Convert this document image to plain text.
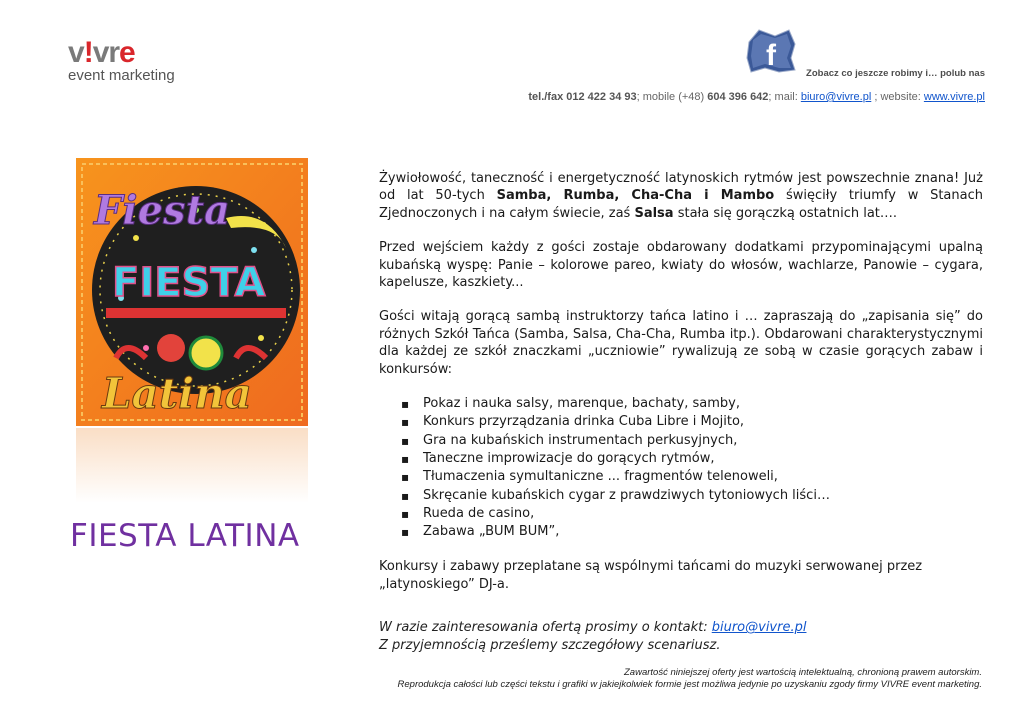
v!vre
event marketing
f
Zobacz co jeszcze robimy i… polub nas
tel./fax 012 422 34 93; mobile (+48) 604 396 642; mail: biuro@vivre.pl ; website: www.vivre.pl
Fiesta
FIESTA
Latina
FIESTA LATINA

Żywiołowość, taneczność i energetyczność latynoskich rytmów jest powszechnie znana! Już od lat 50-tych Samba, Rumba, Cha-Cha i Mambo święciły triumfy w Stanach Zjednoczonych i na całym świecie, zaś Salsa stała się gorączką ostatnich lat….

Przed wejściem każdy z gości zostaje obdarowany dodatkami przypominającymi upalną kubańską wyspę: Panie – kolorowe pareo, kwiaty do włosów, wachlarze, Panowie – cygara, kapelusze, kaszkiety...

Gości witają gorącą sambą instruktorzy tańca latino i … zapraszają do „zapisania się” do różnych Szkół Tańca (Samba, Salsa, Cha-Cha, Rumba itp.). Obdarowani charakterystycznymi dla każdej ze szkół znaczkami „uczniowie” rywalizują ze sobą w czasie gorących zabaw i konkursów:

▪ Pokaz i nauka salsy, marenque, bachaty, samby,
▪ Konkurs przyrządzania drinka Cuba Libre i Mojito,
▪ Gra na kubańskich instrumentach perkusyjnych,
▪ Taneczne improwizacje do gorących rytmów,
▪ Tłumaczenia symultaniczne ... fragmentów telenoweli,
▪ Skręcanie kubańskich cygar z prawdziwych tytoniowych liści…
▪ Rueda de casino,
▪ Zabawa „BUM BUM”,

Konkursy i zabawy przeplatane są wspólnymi tańcami do muzyki serwowanej przez „latynoskiego” DJ-a.

W razie zainteresowania ofertą prosimy o kontakt: biuro@vivre.pl
Z przyjemnością prześlemy szczegółowy scenariusz.

Zawartość niniejszej oferty jest wartością intelektualną, chronioną prawem autorskim.
Reprodukcja całości lub części tekstu i grafiki w jakiejkolwiek formie jest możliwa jedynie po uzyskaniu zgody firmy VIVRE event marketing.
